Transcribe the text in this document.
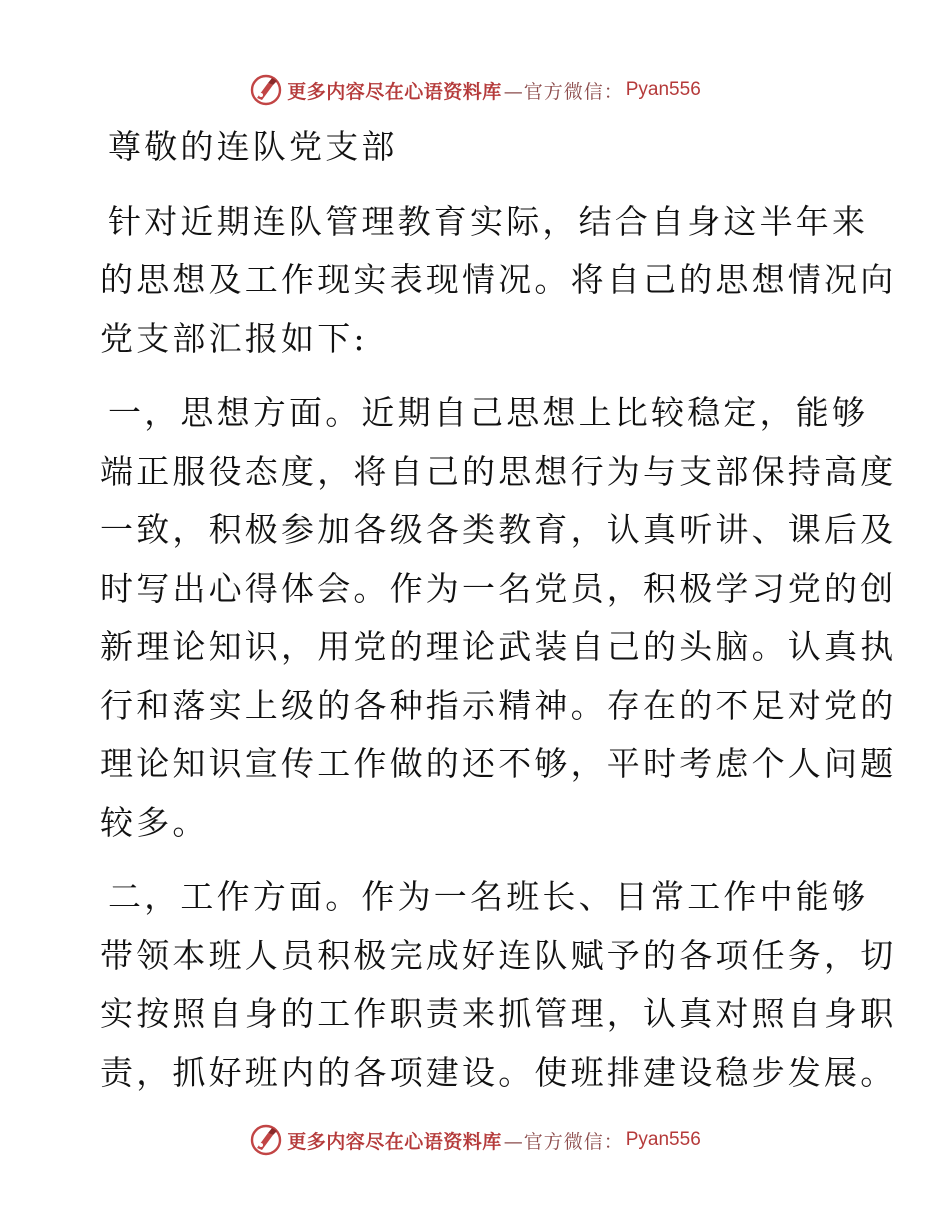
更多内容尽在心语资料库 —官方微信： Pyan556
尊敬的连队党支部
针对近期连队管理教育实际，结合自身这半年来
的思想及工作现实表现情况。将自己的思想情况向
党支部汇报如下:
一，思想方面。近期自己思想上比较稳定，能够
端正服役态度，将自己的思想行为与支部保持高度
一致，积极参加各级各类教育，认真听讲、课后及
时写出心得体会。作为一名党员，积极学习党的创
新理论知识，用党的理论武装自己的头脑。认真执
行和落实上级的各种指示精神。存在的不足对党的
理论知识宣传工作做的还不够，平时考虑个人问题
较多。
二，工作方面。作为一名班长、日常工作中能够
带领本班人员积极完成好连队赋予的各项任务，切
实按照自身的工作职责来抓管理，认真对照自身职
责，抓好班内的各项建设。使班排建设稳步发展。
更多内容尽在心语资料库 —官方微信： Pyan556
